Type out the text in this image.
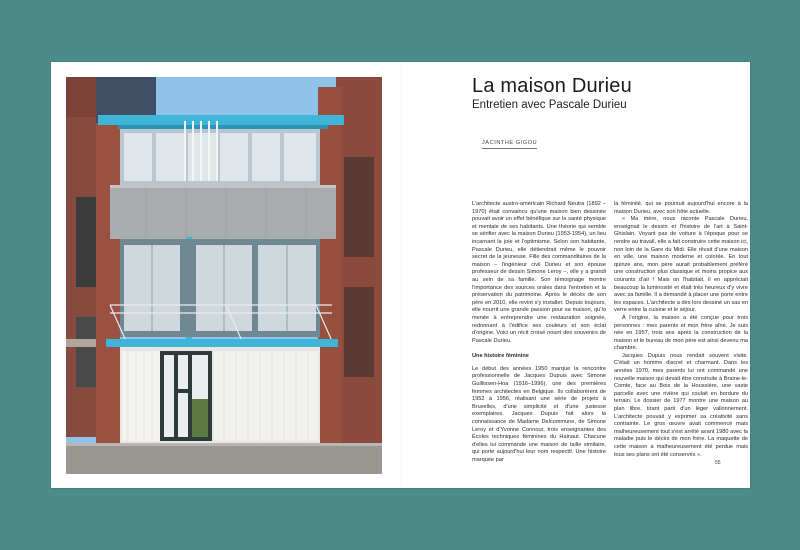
La maison Durieu
Entretien avec Pascale Durieu
JACINTHE GIGOU

L'architecte austro-américain Richard Neutra (1892 – 1970) était convaincu qu'une maison bien dessinée pouvait avoir un effet bénéfique sur la santé physique et mentale de ses habitants. Une théorie qui semble se vérifier avec la maison Durieu (1953-1954), un lieu incarnant la joie et l'optimisme. Selon son habitante, Pascale Durieu, elle détiendrait même le pouvoir secret de la jeunesse. Fille des commanditaires de la maison – l'ingénieur civil Durieu et son épouse professeur de dessin Simone Leroy –, elle y a grandi au sein de sa famille. Son témoignage montre l'importance des sources orales dans l'entretien et la préservation du patrimoine. Après le décès de son père en 2010, elle revint s'y installer. Depuis toujours, elle nourrit une grande passion pour sa maison, qu'Io menée à entreprendre une restauration soignée, redonnant à l'édifice ses couleurs et son éclat d'origine. Voici un récit croisé nourri des souvenirs de Pascale Durieu.

Une histoire féminine

Le début des années 1950 marque la rencontre professionnelle de Jacques Dupuis avec Simone Guillissen-Hoa (1916–1996), une des premières femmes architectes en Belgique. Ils collaborèrent de 1952 à 1956, réalisant une série de projets à Bruxelles, d'une simplicité et d'une justesse exemplaires. Jacques Dupuis fait alors la connaissance de Madame Delcommune, de Simone Leroy et d'Yvonne Connour, trois enseignantes des Écoles techniques féminines du Hainaut. Chacune d'elles lui commande une maison de taille similaire, qui porte aujourd'hui leur nom respectif. Une histoire marquée par

la féminité, qui se poursuit aujourd'hui encore à la maison Durieu, avec son hôte actuelle.

« Ma mère, nous raconte Pascale Durieu, enseignait le dessin et l'histoire de l'art à Saint-Ghislain. Voyant pas de voiture à l'époque pour se rendre au travail, elle a fait construire cette maison ici, non loin de la Gare du Midi. Elle rêvait d'une maison en ville, une maison moderne et colorée. En tout quinze ans, mon père aurait probablement préféré une construction plus classique et moins propice aux courants d'air ! Mais on l'habitait, il en appréciait beaucoup la luminosité et était très heureux d'y vivre avec sa famille. Il a demandé à placer une porte entre les espaces. L'architecte a dès lors dessiné un sas en verre entre la cuisine et le séjour.

À l'origine, la maison a été conçue pour trois personnes : mes parents et mon frère aîné. Je suis née en 1957, trois ans après la construction de la maison et le bureau de mon père est ainsi devenu ma chambre.

Jacques Dupuis nous rendait souvent visite. C'était un homme discret et charmant. Dans les années 1970, mes parents lui ont commandé une nouvelle maison qui devait être construite à Braine-le-Comte, face au Bois de la Houssière, une vaste parcelle avec une rivière qui coulait en bordure du terrain. Le dossier de 1977 montre une maison au plan libre, tirant parti d'un léger vallonnement. L'architecte pouvait y exprimer sa créativité sans contrainte. Le gros œuvre avait commencé mais malheureusement tout s'est arrêté avant 1980 avec la maladie puis le décès de mon frère. La maquette de cette maison a malheureusement été perdue mais tous ses plans ont été conservés ».

55
